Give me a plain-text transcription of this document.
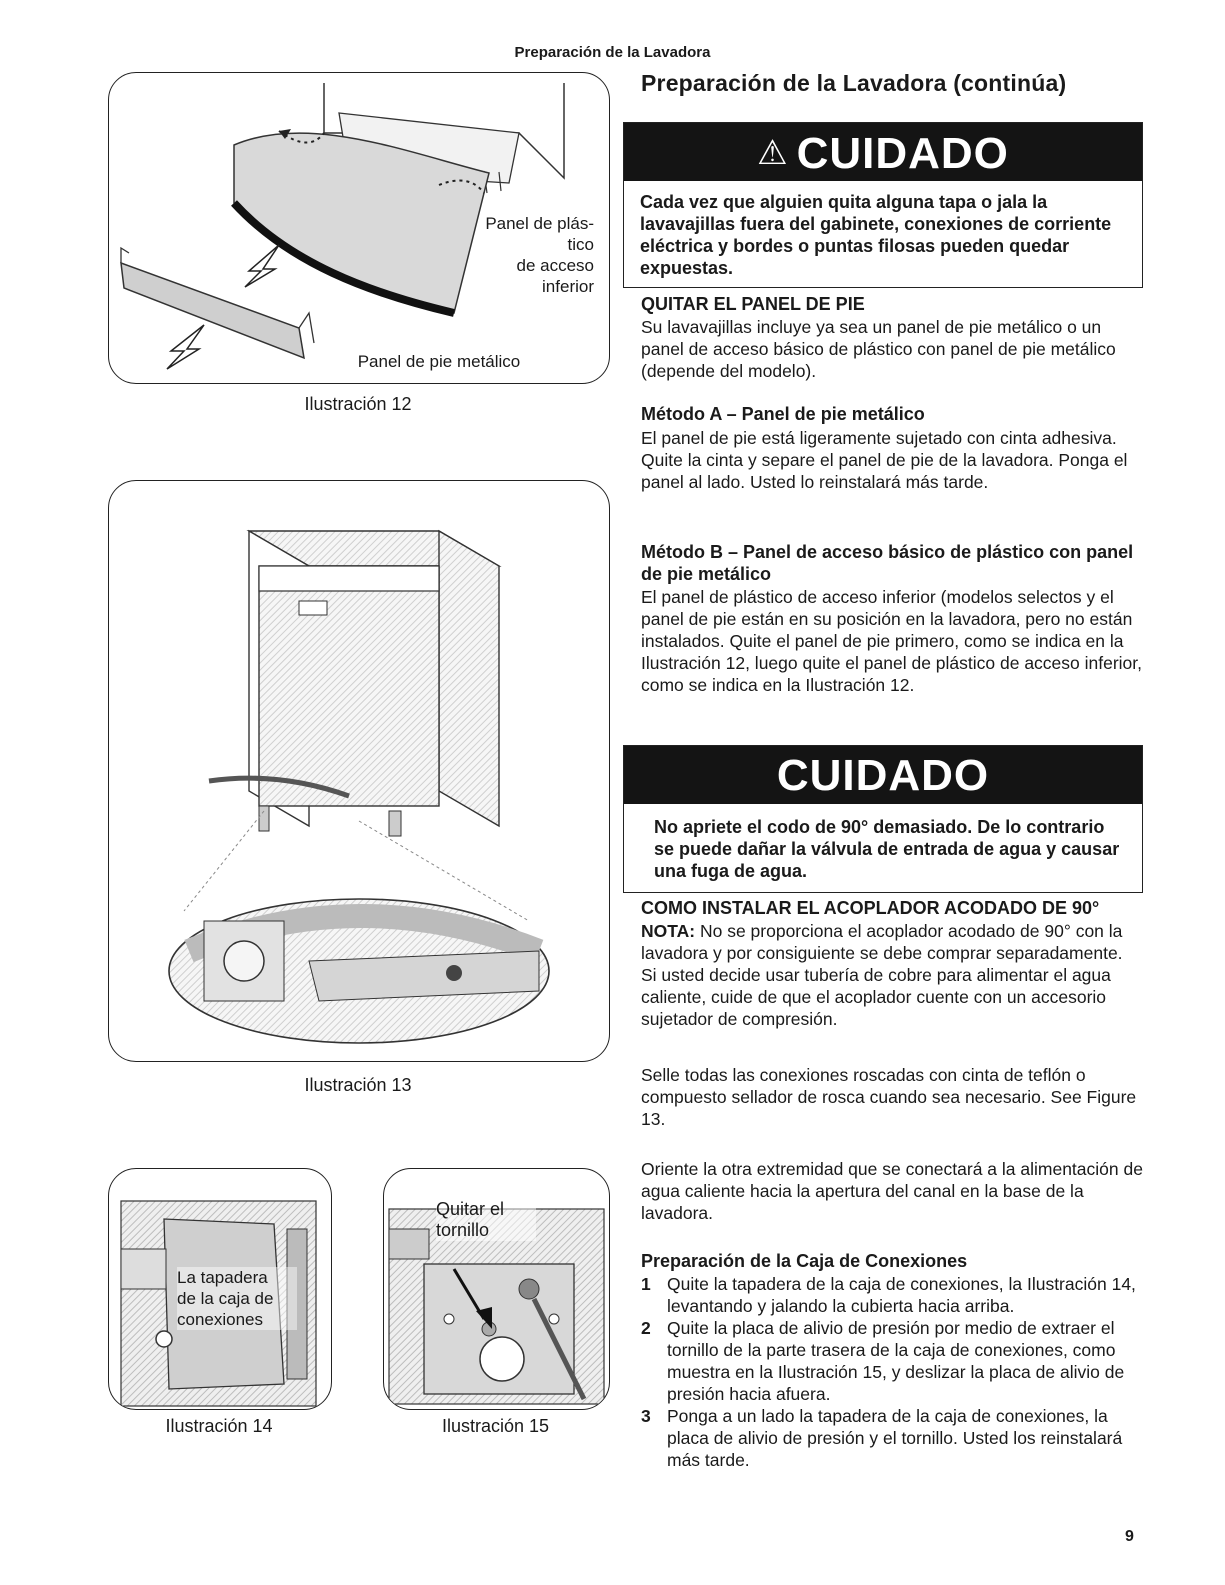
Preparación de la Lavadora
Panel de plás-
tico
de acceso
inferior
Panel de pie metálico
Ilustración 12
Ilustración 13
La tapadera
de la caja de
conexiones
Ilustración 14
Quitar el
tornillo
Ilustración 15
Preparación de la Lavadora (continúa)
⚠ CUIDADO
Cada vez que alguien quita alguna tapa o jala la lavavajillas fuera del gabinete, conexiones de corriente eléctrica y bordes o puntas filosas pueden quedar expuestas.
QUITAR EL PANEL DE PIE
Su lavavajillas incluye ya sea un panel de pie metálico o un panel de acceso básico de plástico con panel de pie metálico (depende del modelo).
Método A – Panel de pie metálico
El panel de pie está ligeramente sujetado con cinta adhesiva. Quite la cinta y separe el panel de pie de la lavadora. Ponga el panel al lado. Usted lo reinstalará más tarde.
Método B – Panel de acceso básico de plástico con panel de pie metálico
El panel de plástico de acceso inferior (modelos selectos y el panel de pie están en su posición en la lavadora, pero no están instalados. Quite el panel de pie primero, como se indica en la Ilustración 12, luego quite el panel de plástico de acceso inferior, como se indica en la Ilustración 12.
CUIDADO
No apriete el codo de 90° demasiado. De lo contrario se puede dañar la válvula de entrada de agua y causar una fuga de agua.
COMO INSTALAR EL ACOPLADOR ACODADO DE 90°
NOTA: No se proporciona el acoplador acodado de 90° con la lavadora y por consiguiente se debe comprar separadamente. Si usted decide usar tubería de cobre para alimentar el agua caliente, cuide de que el acoplador cuente con un accesorio sujetador de compresión.
Selle todas las conexiones roscadas con cinta de teflón o compuesto sellador de rosca cuando sea necesario. See Figure 13.
Oriente la otra extremidad que se conectará a la alimentación de agua caliente hacia la apertura del canal en la base de la lavadora.
Preparación de la Caja de Conexiones
1 Quite la tapadera de la caja de conexiones, la Ilustración 14, levantando y jalando la cubierta hacia arriba.
2 Quite la placa de alivio de presión por medio de extraer el tornillo de la parte trasera de la caja de conexiones, como muestra en la Ilustración 15, y deslizar la placa de alivio de presión hacia afuera.
3 Ponga a un lado la tapadera de la caja de conexiones, la placa de alivio de presión y el tornillo. Usted los reinstalará más tarde.
9
